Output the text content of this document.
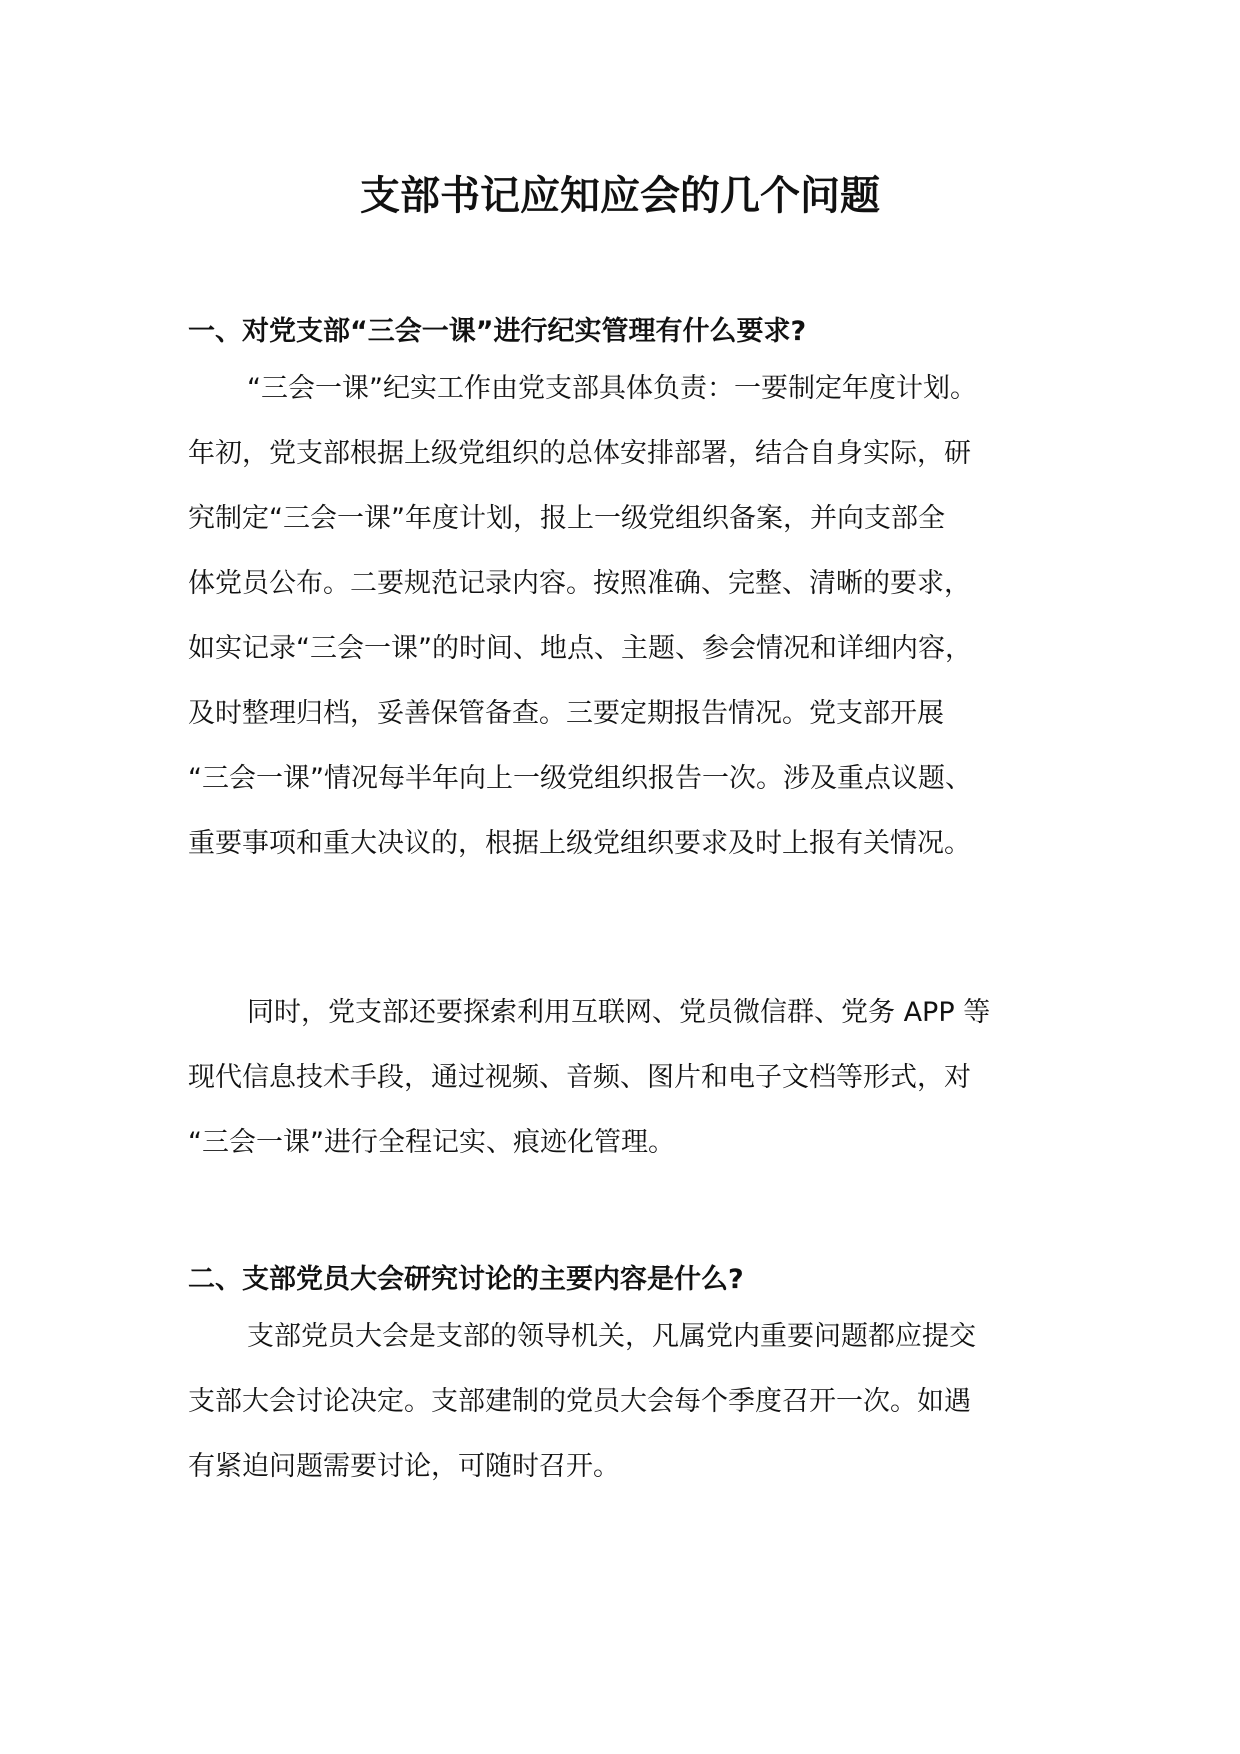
支部书记应知应会的几个问题
一、对党支部“三会一课”进行纪实管理有什么要求?
“三会一课”纪实工作由党支部具体负责：一要制定年度计划。
年初，党支部根据上级党组织的总体安排部署，结合自身实际，研
究制定“三会一课”年度计划，报上一级党组织备案，并向支部全
体党员公布。二要规范记录内容。按照准确、完整、清晰的要求，
如实记录“三会一课”的时间、地点、主题、参会情况和详细内容，
及时整理归档，妥善保管备查。三要定期报告情况。党支部开展
“三会一课”情况每半年向上一级党组织报告一次。涉及重点议题、
重要事项和重大决议的，根据上级党组织要求及时上报有关情况。
同时，党支部还要探索利用互联网、党员微信群、党务 APP 等
现代信息技术手段，通过视频、音频、图片和电子文档等形式，对
“三会一课”进行全程记实、痕迹化管理。
二、支部党员大会研究讨论的主要内容是什么?
支部党员大会是支部的领导机关，凡属党内重要问题都应提交
支部大会讨论决定。支部建制的党员大会每个季度召开一次。如遇
有紧迫问题需要讨论，可随时召开。
